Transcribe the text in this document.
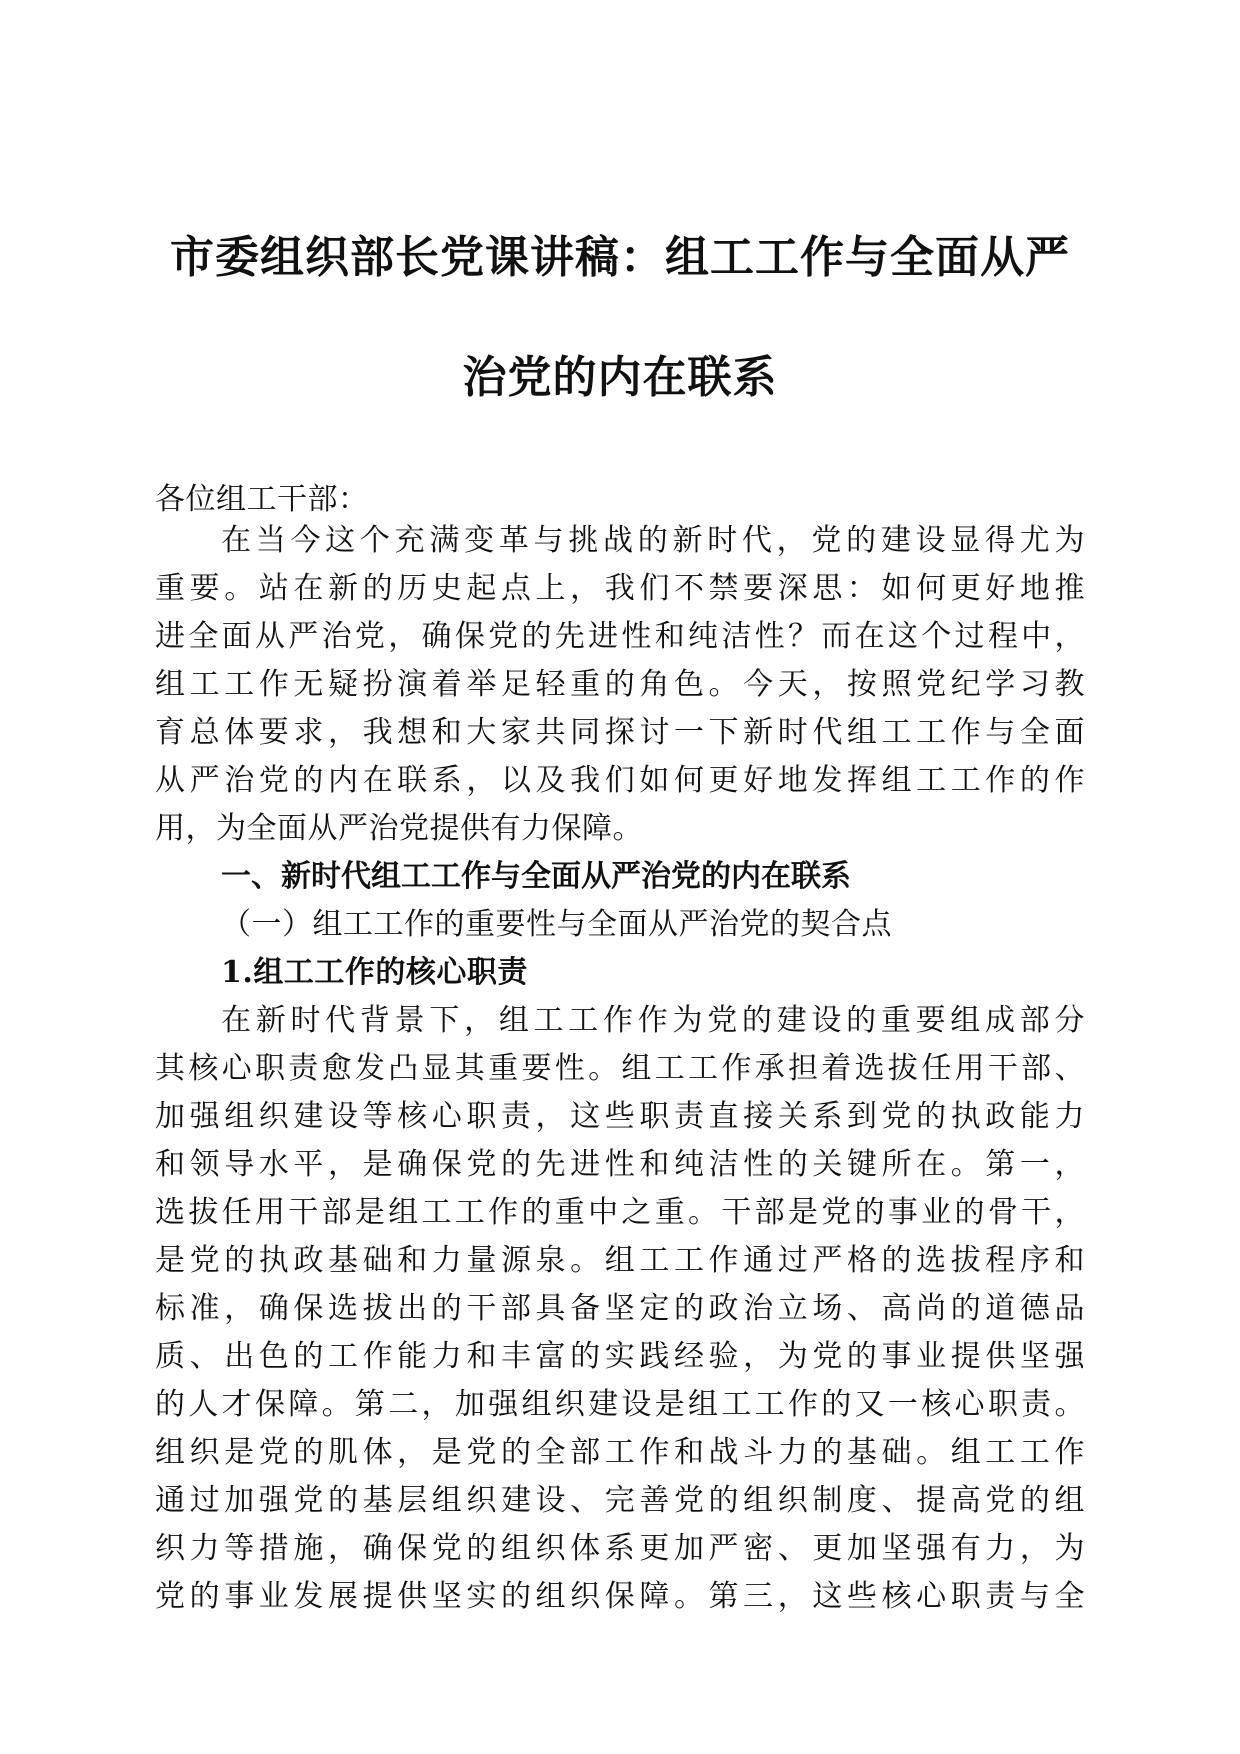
市委组织部长党课讲稿：组工工作与全面从严
治党的内在联系
各位组工干部：
在当今这个充满变革与挑战的新时代，党的建设显得尤为
重要。站在新的历史起点上，我们不禁要深思：如何更好地推
进全面从严治党，确保党的先进性和纯洁性？而在这个过程中，
组工工作无疑扮演着举足轻重的角色。今天，按照党纪学习教
育总体要求，我想和大家共同探讨一下新时代组工工作与全面
从严治党的内在联系，以及我们如何更好地发挥组工工作的作
用，为全面从严治党提供有力保障。
一、新时代组工工作与全面从严治党的内在联系
（一）组工工作的重要性与全面从严治党的契合点
1.组工工作的核心职责
在新时代背景下，组工工作作为党的建设的重要组成部分
其核心职责愈发凸显其重要性。组工工作承担着选拔任用干部、
加强组织建设等核心职责，这些职责直接关系到党的执政能力
和领导水平，是确保党的先进性和纯洁性的关键所在。第一，
选拔任用干部是组工工作的重中之重。干部是党的事业的骨干，
是党的执政基础和力量源泉。组工工作通过严格的选拔程序和
标准，确保选拔出的干部具备坚定的政治立场、高尚的道德品
质、出色的工作能力和丰富的实践经验，为党的事业提供坚强
的人才保障。第二，加强组织建设是组工工作的又一核心职责。
组织是党的肌体，是党的全部工作和战斗力的基础。组工工作
通过加强党的基层组织建设、完善党的组织制度、提高党的组
织力等措施，确保党的组织体系更加严密、更加坚强有力，为
党的事业发展提供坚实的组织保障。第三，这些核心职责与全
